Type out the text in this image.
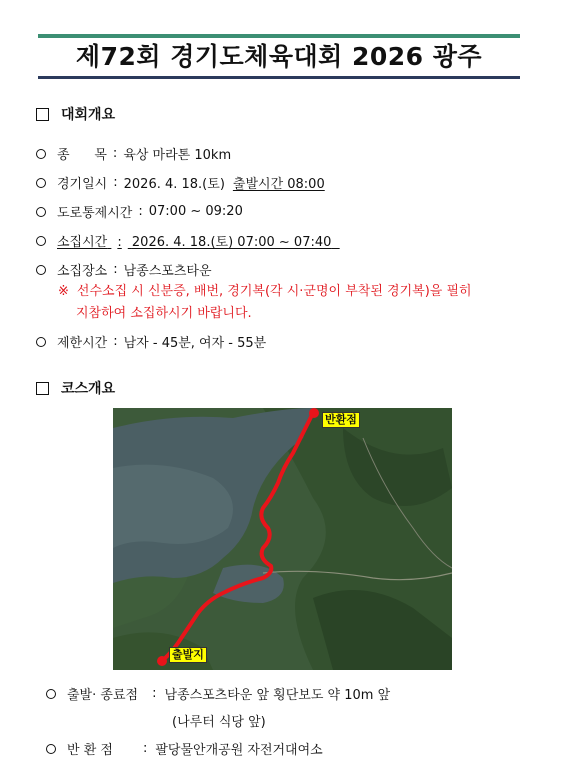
제72회 경기도체육대회 2026 광주
대회개요
종      목 : 육상 마라톤 10km
경기일시 : 2026. 4. 18.(토) 출발시간 08:00
도로통제시간 : 07:00 ~ 09:20
소집시간 : 2026. 4. 18.(토) 07:00 ~ 07:40
소집장소 : 남종스포츠타운
※ 선수소집 시 신분증, 배번, 경기복(각 시·군명이 부착된 경기복)을 필히
지참하여 소집하시기 바랍니다.
제한시간 : 남자 - 45분, 여자 - 55분
코스개요
반환점
출발지
출발· 종료점 : 남종스포츠타운 앞 횡단보도 약 10m 앞
(나루터 식당 앞)
반 환 점 : 팔당물안개공원 자전거대여소
